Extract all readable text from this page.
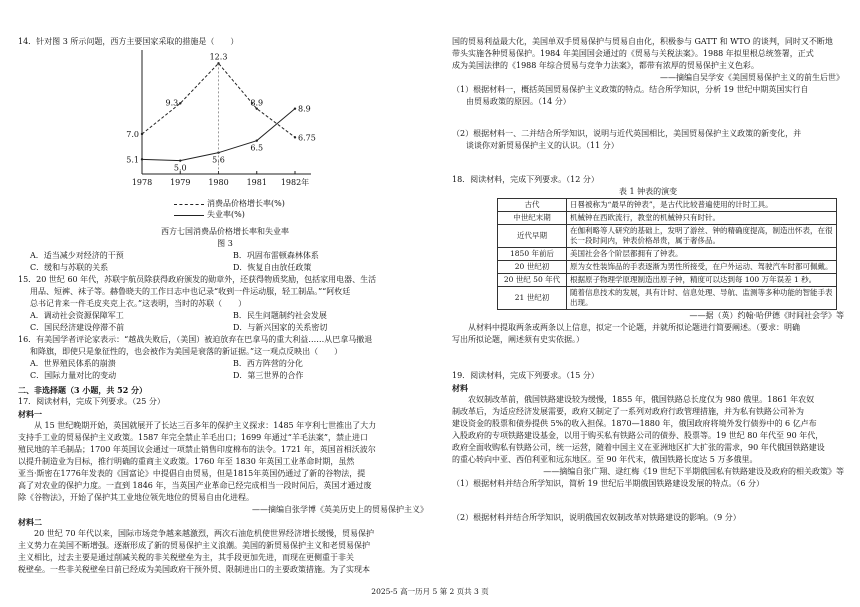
14．针对图 3 所示问题，西方主要国家采取的措施是（　　）

1978 1979 1980 1981 1982年
7.0
9.3
12.3
8.9
6.75
5.1
5.0
5.6
6.5
8.9
消费品价格增长率(%)
失业率(%)

西方七国消费品价格增长率和失业率

图 3

A．适当减少对经济的干预	B．巩固布雷顿森林体系
C．缓和与苏联的关系	D．恢复自由放任政策

15．20 世纪 60 年代，苏联宇航员除获得政府颁发的勋章外，还获得物质奖励，包括家用电器、生活

用品、短裤、袜子等。赫鲁晓夫的工作日志中也记录“收到一件运动服，轻工制品。”“阿枚廷

总书记肯来一件毛皮夹克上衣。”这表明，当时的苏联（　　）

A．调动社会资源保障军工	B．民生问题制约社会发展
C．国民经济建设停滞不前	D．与新兴国家的关系密切

16．有美国学者评论家表示：“越战失败后，（美国）被迫放弃在巴拿马的重大利益……从巴拿马撤退

和降旗，即使只是象征性的，也会被作为美国是衰落的新证据。”这一观点反映出（　　）

A．世界殖民体系的崩溃	B．西方阵营的分化
C．国际力量对比的变动	D．第三世界的合作

二、非选择题（3 小题，共 52 分）

17．阅读材料，完成下列要求。（25 分）

材料一

从 15 世纪晚期开始，英国就展开了长达三百多年的保护主义探求：1485 年亨利七世推出了大力

支持手工业的贸易保护主义政策。1587 年完全禁止羊毛出口；1699 年通过“羊毛法案”，禁止进口

殖民地的羊毛制品；1700 年英国议会通过一项禁止销售印度棉布的法令。1721 年，英国首相沃波尔

以提升制造业为目标，推行明确的重商主义政策。1760 年至 1830 年英国工业革命时期，虽然

亚当·斯密在1776年发表的《国富论》中提倡自由贸易，但是1815年英国仍通过了新的谷物法，提

高了对农业的保护力度。一直到 1846 年，当英国产业革命已经完成相当一段时间后，英国才通过废

除《谷物法》，开始了保护其工业地位领先地位的贸易自由化进程。

——摘编自张学博《英美历史上的贸易保护主义》

材料二

20 世纪 70 年代以来，国际市场竞争越来越激烈，两次石油危机使世界经济增长缓慢，贸易保护

主义势力在美国不断增强。逐渐形成了新的贸易保护主义浪潮。美国的新贸易保护主义和老贸易保护

主义相比，过去主要是通过削减关税的非关税壁垒为主，其手段更加先进，而现在更侧重于非关

税壁垒。一些非关税壁垒日前已经成为美国政府干预外贸、限制进出口的主要政策措施。为了实现本

国的贸易利益最大化，美国单双手贸易保护与贸易自由化，积极参与 GATT 和 WTO 的谈判，同时又不断地

带头实施各种贸易保护。1984 年美国国会通过的《贸易与关税法案》。1988 年拟里根总统签署，正式

成为美国法律的《1988 年综合贸易与竞争力法案》，都带有浓厚的贸易保护主义色彩。

——摘编自吴学安《美国贸易保护主义的前生后世》

（1）根据材料一，概括英国贸易保护主义政策的特点。结合所学知识，分析 19 世纪中期英国实行自

由贸易政策的原因。（14 分）

（2）根据材料一、二并结合所学知识，说明与近代英国相比，美国贸易保护主义政策的新变化，并

谈谈你对新贸易保护主义的认识。（11 分）

18．阅读材料，完成下列要求。（12 分）

表 1 钟表的演变

古代	日晷被称为“最早的钟表”，是古代比较普遍使用的计时工具。
中世纪末期	机械钟在西欧流行，教堂的机械钟只有时针。
近代早期	在伽利略等人研究的基础上，发明了游丝、钟的精确度提高，制造出怀表，在很长一段时间内，钟表价格昂贵，属于奢侈品。
1850 年前后	美国社会各个阶层都拥有了钟表。
20 世纪初	原为女性装饰品的手表逐渐为男性所接受，在户外运动、驾驶汽车时都可佩戴。
20 世纪 50 年代	根据原子物理学原理制造出原子钟，精度可以达到每 100 万年误差 1 秒。
21 世纪初	随着信息技术的发展，具有计时、信息处理、导航、监测等多种功能的智能手表出现。

——据（英）约翰·哈伊德《时间社会学》等

从材料中提取两条或两条以上信息，拟定一个论题，并就所拟论题进行简要阐述。（要求：明确

写出所拟论题，阐述须有史实依据。）

19．阅读材料，完成下列要求。（15 分）

材料

农奴制改革前，俄国铁路建设较为缓慢，1855 年，俄国铁路总长度仅为 980 俄里。1861 年农奴

制改革后，为适应经济发展需要，政府又制定了一系列对政府行政管理措施，并为私有铁路公司补为

建设资金的股票和债券提供 5%的收入担保。1870—1880 年，俄国政府将境外发行债券中的 6 亿卢布

入股政府的专项铁路建设基金，以用于购买私有铁路公司的债券、股票等。19 世纪 80 年代至 90 年代，

政府全面收购私有铁路公司，统一运营，随着中国主义在亚洲地区扩大扩张的需求，90 年代俄国铁路建设

的重心转向中亚、西伯利亚和远东地区。至 90 年代末，俄国铁路长度达 5 万多俄里。

——摘编自张广翔、逯红梅《19 世纪下半期俄国私有铁路建设及政府的相关政策》等

（1）根据材料并结合所学知识，简析 19 世纪后半期俄国铁路建设发展的特点。（6 分）

（2）根据材料并结合所学知识，说明俄国农奴制改革对铁路建设的影响。（9 分）

2025-5 高一历月 5 第 2 页共 3 页
